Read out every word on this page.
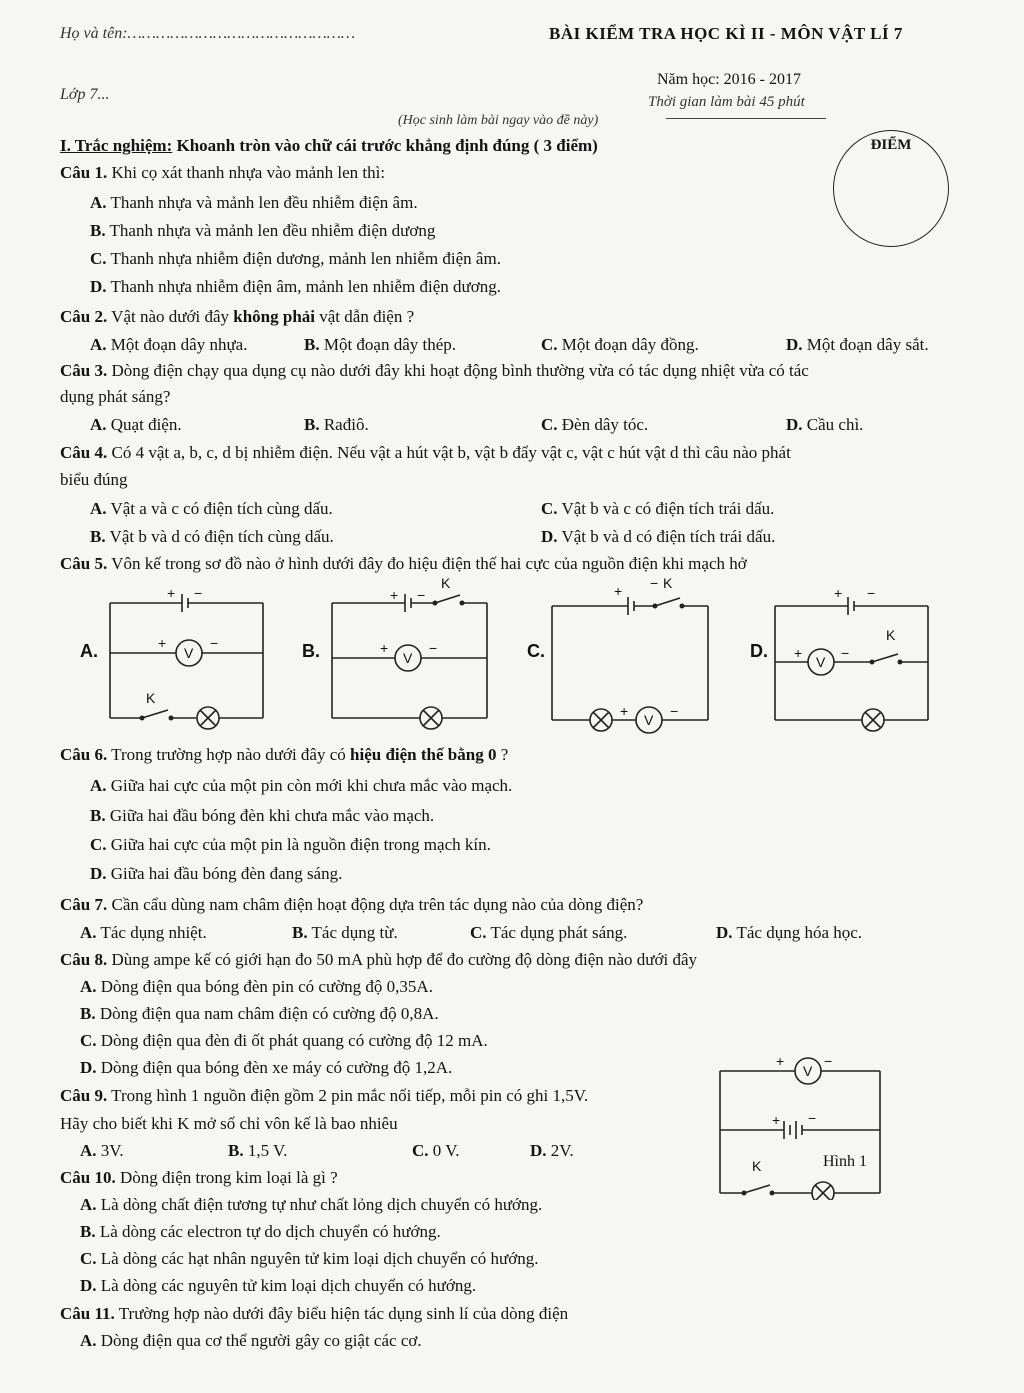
Họ và tên:…………………………………………
Lớp 7...
BÀI KIỂM TRA HỌC KÌ II - MÔN VẬT LÍ 7
Năm học: 2016 - 2017
Thời gian làm bài 45 phút
(Học sinh làm bài ngay vào đề này)
ĐIỂM
I. Trắc nghiệm: Khoanh tròn vào chữ cái trước khẳng định đúng ( 3 điểm)
Câu 1. Khi cọ xát thanh nhựa vào mảnh len thì:
A. Thanh nhựa và mảnh len đều nhiễm điện âm.
B. Thanh nhựa và mảnh len đều nhiễm điện dương
C. Thanh nhựa nhiễm điện dương, mảnh len nhiễm điện âm.
D. Thanh nhựa nhiễm điện âm, mảnh len nhiễm điện dương.
Câu 2. Vật nào dưới đây không phải vật dẫn điện ?
A. Một đoạn dây nhựa.	B. Một đoạn dây thép.	C. Một đoạn dây đồng.	D. Một đoạn dây sắt.
Câu 3. Dòng điện chạy qua dụng cụ nào dưới đây khi hoạt động bình thường vừa có tác dụng nhiệt vừa có tác
dụng phát sáng?
A. Quạt điện.	B. Rađiô.	C. Đèn dây tóc.	D. Cầu chì.
Câu 4. Có 4 vật a, b, c, d bị nhiễm điện. Nếu vật a hút vật b, vật b đẩy vật c, vật c hút vật d thì câu nào phát
biểu đúng
A. Vật a và c có điện tích cùng dấu.	C. Vật b và c có điện tích trái dấu.
B. Vật b và d có điện tích cùng dấu.	D. Vật b và d có điện tích trái dấu.
Câu 5. Vôn kế trong sơ đồ nào ở hình dưới đây đo hiệu điện thế hai cực của nguồn điện khi mạch hở
+ −
+
V
−
K
+ −
K
+
V
−
+ − K
+
V
−
+ −
K
+
V
−
A.	B.	C.	D.
Câu 6. Trong trường hợp nào dưới đây có hiệu điện thế bằng 0 ?
A. Giữa hai cực của một pin còn mới khi chưa mắc vào mạch.
B. Giữa hai đầu bóng đèn khi chưa mắc vào mạch.
C. Giữa hai cực của một pin là nguồn điện trong mạch kín.
D. Giữa hai đầu bóng đèn đang sáng.
Câu 7. Cần cẩu dùng nam châm điện hoạt động dựa trên tác dụng nào của dòng điện?
A. Tác dụng nhiệt.	B. Tác dụng từ.	C. Tác dụng phát sáng.	D. Tác dụng hóa học.
Câu 8. Dùng ampe kế có giới hạn đo 50 mA phù hợp để đo cường độ dòng điện nào dưới đây
A. Dòng điện qua bóng đèn pin có cường độ 0,35A.
B. Dòng điện qua nam châm điện có cường độ 0,8A.
C. Dòng điện qua đèn đi ốt phát quang có cường độ 12 mA.
D. Dòng điện qua bóng đèn xe máy có cường độ 1,2A.	+
V
−
+ −
K	Hình 1
Câu 9. Trong hình 1 nguồn điện gồm 2 pin mắc nối tiếp, mỗi pin có ghi 1,5V.
Hãy cho biết khi K mở số chỉ vôn kế là bao nhiêu
A. 3V.	B. 1,5 V.	C. 0 V.	D. 2V.
Câu 10. Dòng điện trong kim loại là gì ?
A. Là dòng chất điện tương tự như chất lỏng dịch chuyển có hướng.
B. Là dòng các electron tự do dịch chuyển có hướng.
C. Là dòng các hạt nhân nguyên tử kim loại dịch chuyển có hướng.
D. Là dòng các nguyên tử kim loại dịch chuyển có hướng.
Câu 11. Trường hợp nào dưới đây biểu hiện tác dụng sinh lí của dòng điện
A. Dòng điện qua cơ thể người gây co giật các cơ.
